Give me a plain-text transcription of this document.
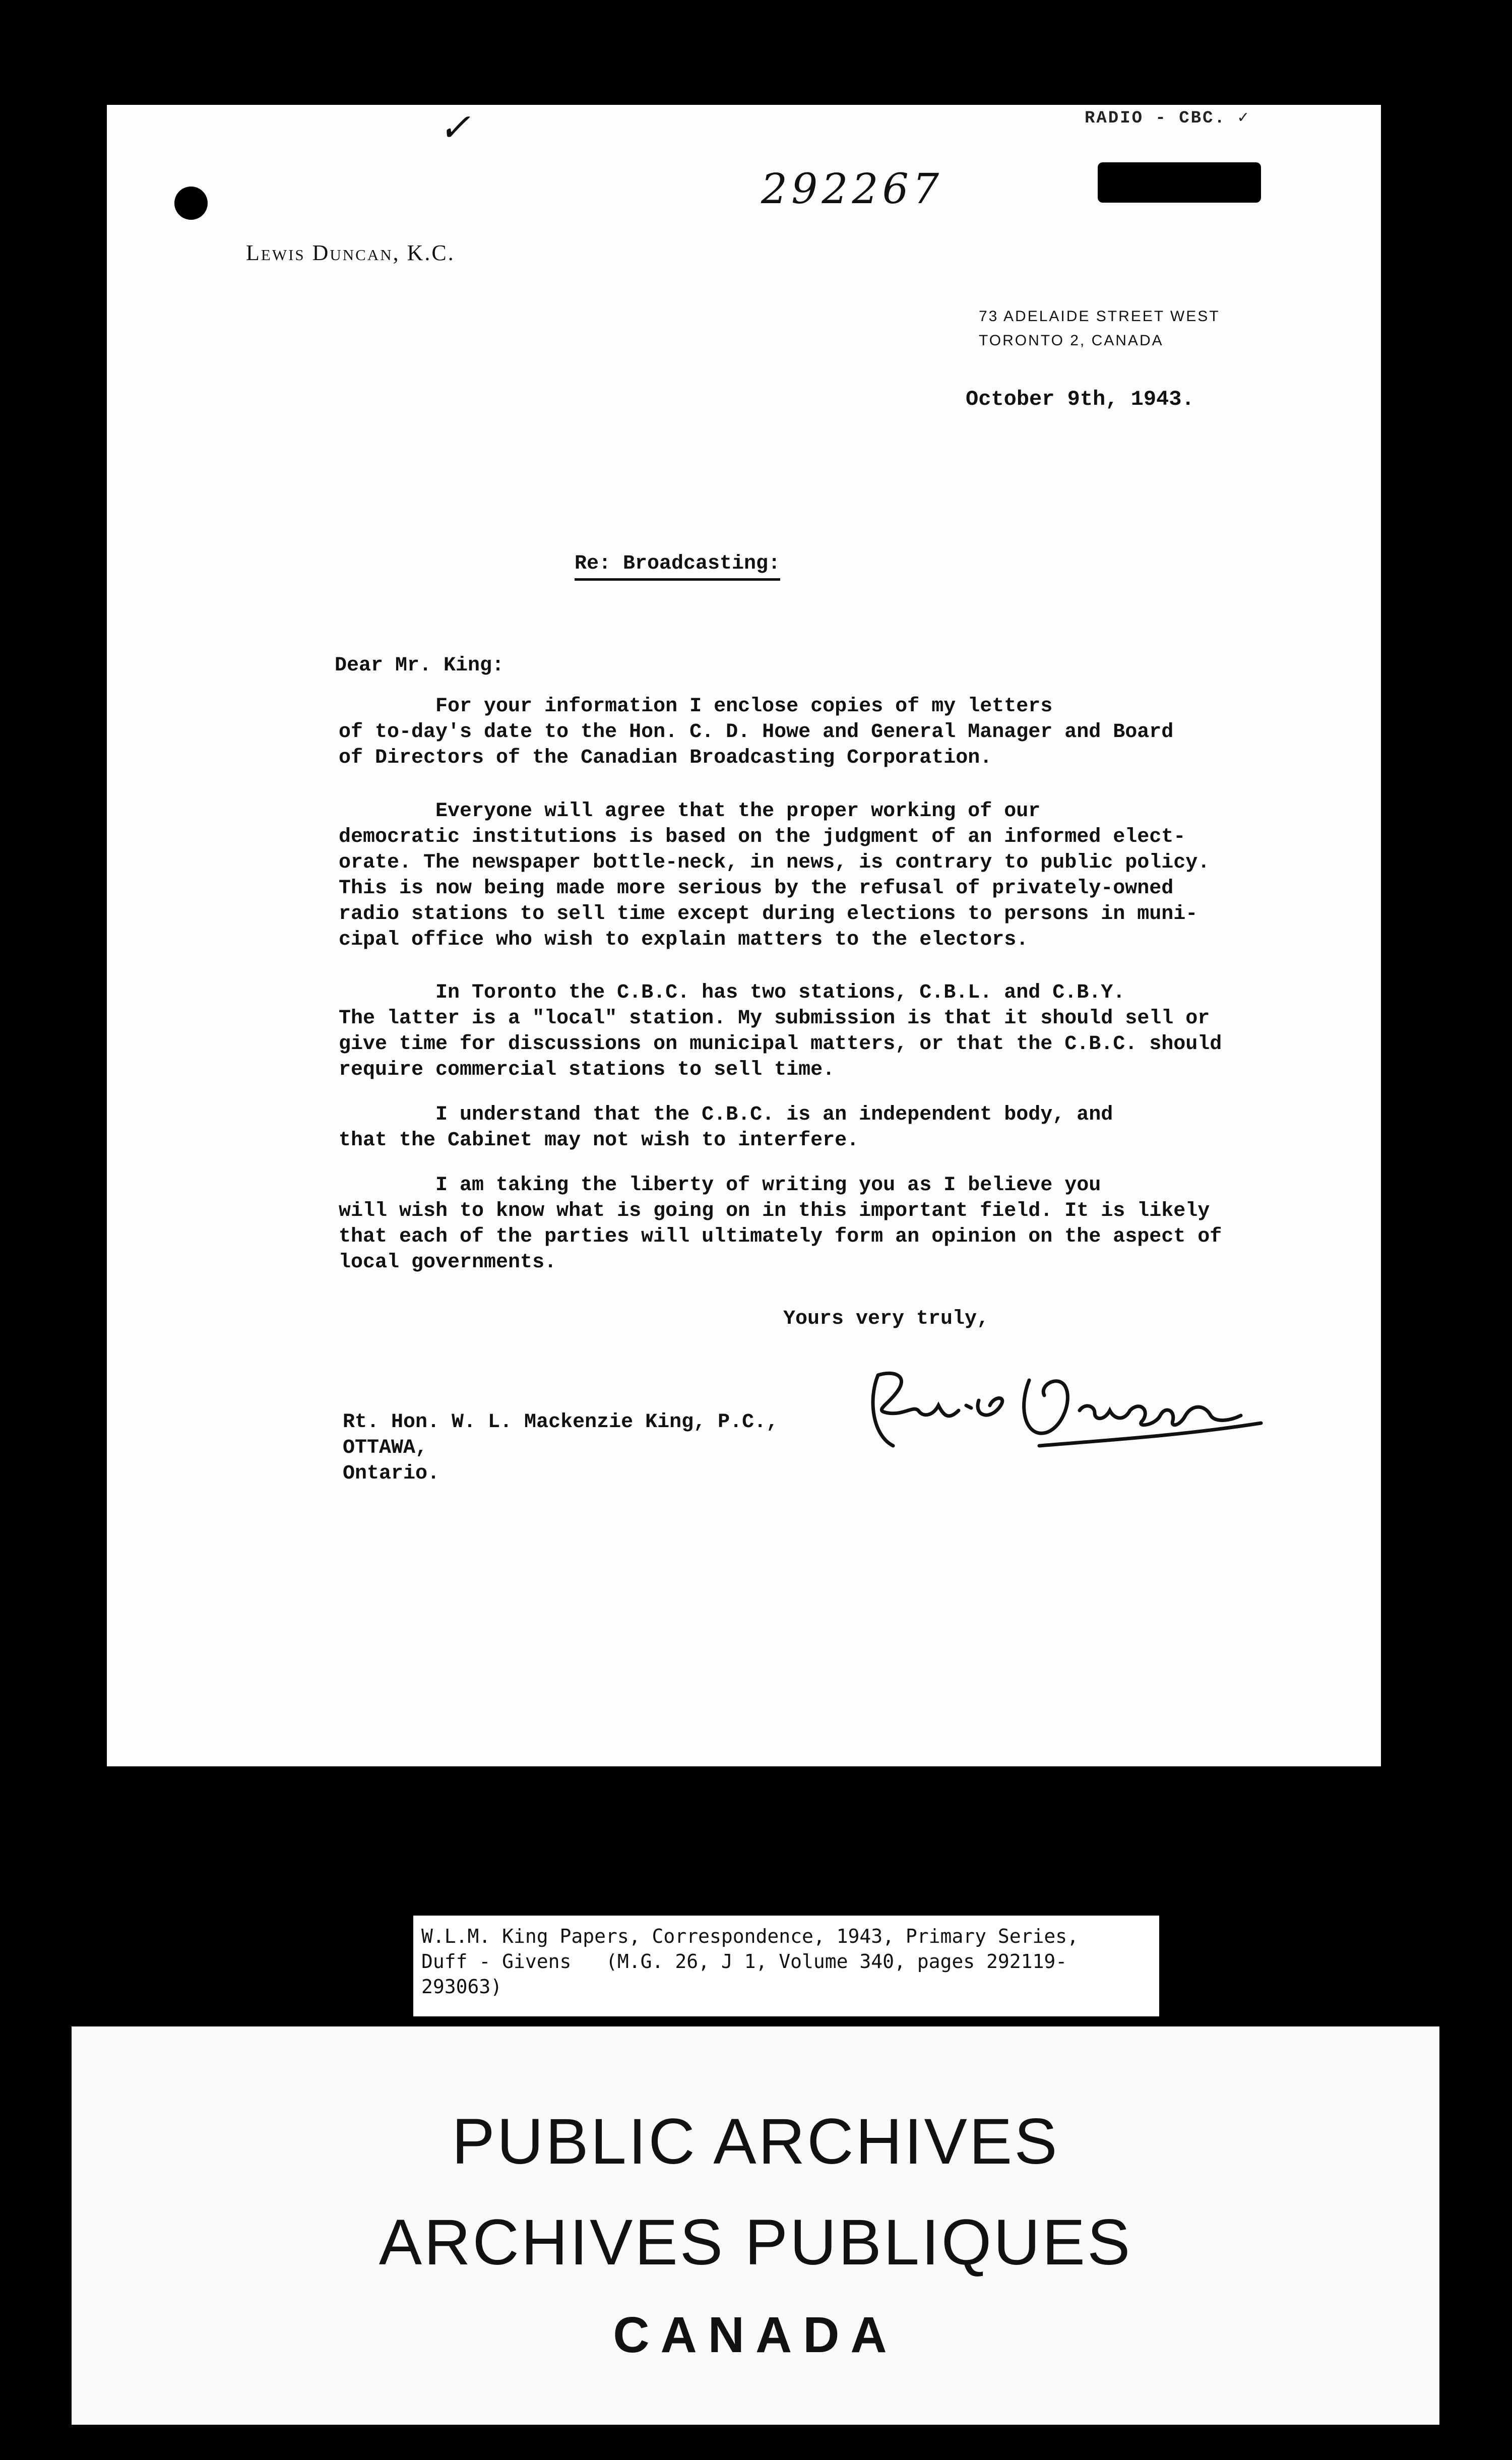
✓
292267
RADIO - CBC. ✓
Lewis Duncan, K.C.
73 ADELAIDE STREET WEST
TORONTO 2, CANADA
October 9th, 1943.
Re: Broadcasting:
Dear Mr. King:
For your information I enclose copies of my letters
of to-day's date to the Hon. C. D. Howe and General Manager and Board
of Directors of the Canadian Broadcasting Corporation.
Everyone will agree that the proper working of our
democratic institutions is based on the judgment of an informed elect-
orate. The newspaper bottle-neck, in news, is contrary to public policy.
This is now being made more serious by the refusal of privately-owned
radio stations to sell time except during elections to persons in muni-
cipal office who wish to explain matters to the electors.
In Toronto the C.B.C. has two stations, C.B.L. and C.B.Y.
The latter is a "local" station. My submission is that it should sell or
give time for discussions on municipal matters, or that the C.B.C. should
require commercial stations to sell time.
I understand that the C.B.C. is an independent body, and
that the Cabinet may not wish to interfere.
I am taking the liberty of writing you as I believe you
will wish to know what is going on in this important field. It is likely
that each of the parties will ultimately form an opinion on the aspect of
local governments.
Yours very truly,
Rt. Hon. W. L. Mackenzie King, P.C.,
OTTAWA,
Ontario.
W.L.M. King Papers, Correspondence, 1943, Primary Series,
Duff - Givens   (M.G. 26, J 1, Volume 340, pages 292119-
293063)
PUBLIC ARCHIVES
ARCHIVES PUBLIQUES
CANADA
